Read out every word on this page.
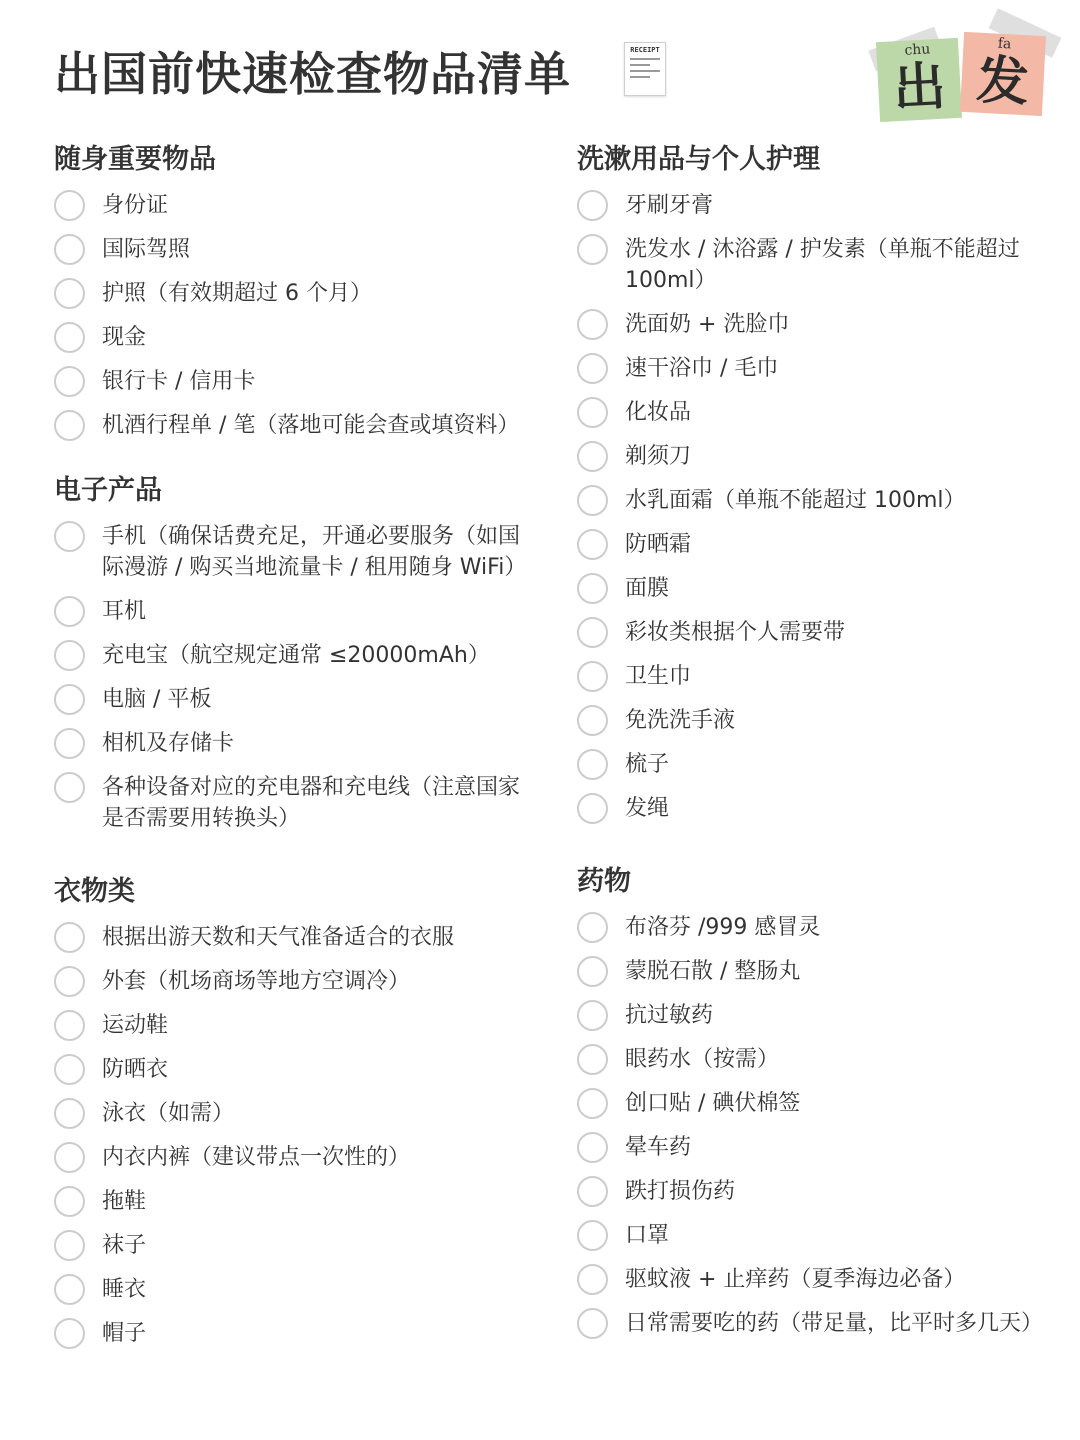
出国前快速检查物品清单	RECEIPT	chu
出
fa
发
随身重要物品
身份证
国际驾照
护照（有效期超过 6 个月）
现金
银行卡 / 信用卡
机酒行程单 / 笔（落地可能会查或填资料）
电子产品
手机（确保话费充足，开通必要服务（如国际漫游 / 购买当地流量卡 / 租用随身 WiFi）
耳机
充电宝（航空规定通常 ≤20000mAh）
电脑 / 平板
相机及存储卡
各种设备对应的充电器和充电线（注意国家是否需要用转换头）
衣物类
根据出游天数和天气准备适合的衣服
外套（机场商场等地方空调冷）
运动鞋
防晒衣
泳衣（如需）
内衣内裤（建议带点一次性的）
拖鞋
袜子
睡衣
帽子
洗漱用品与个人护理
牙刷牙膏
洗发水 / 沐浴露 / 护发素（单瓶不能超过 100ml）
洗面奶 + 洗脸巾
速干浴巾 / 毛巾
化妆品
剃须刀
水乳面霜（单瓶不能超过 100ml）
防晒霜
面膜
彩妆类根据个人需要带
卫生巾
免洗洗手液
梳子
发绳
药物
布洛芬 /999 感冒灵
蒙脱石散 / 整肠丸
抗过敏药
眼药水（按需）
创口贴 / 碘伏棉签
晕车药
跌打损伤药
口罩
驱蚊液 + 止痒药（夏季海边必备）
日常需要吃的药（带足量，比平时多几天）
